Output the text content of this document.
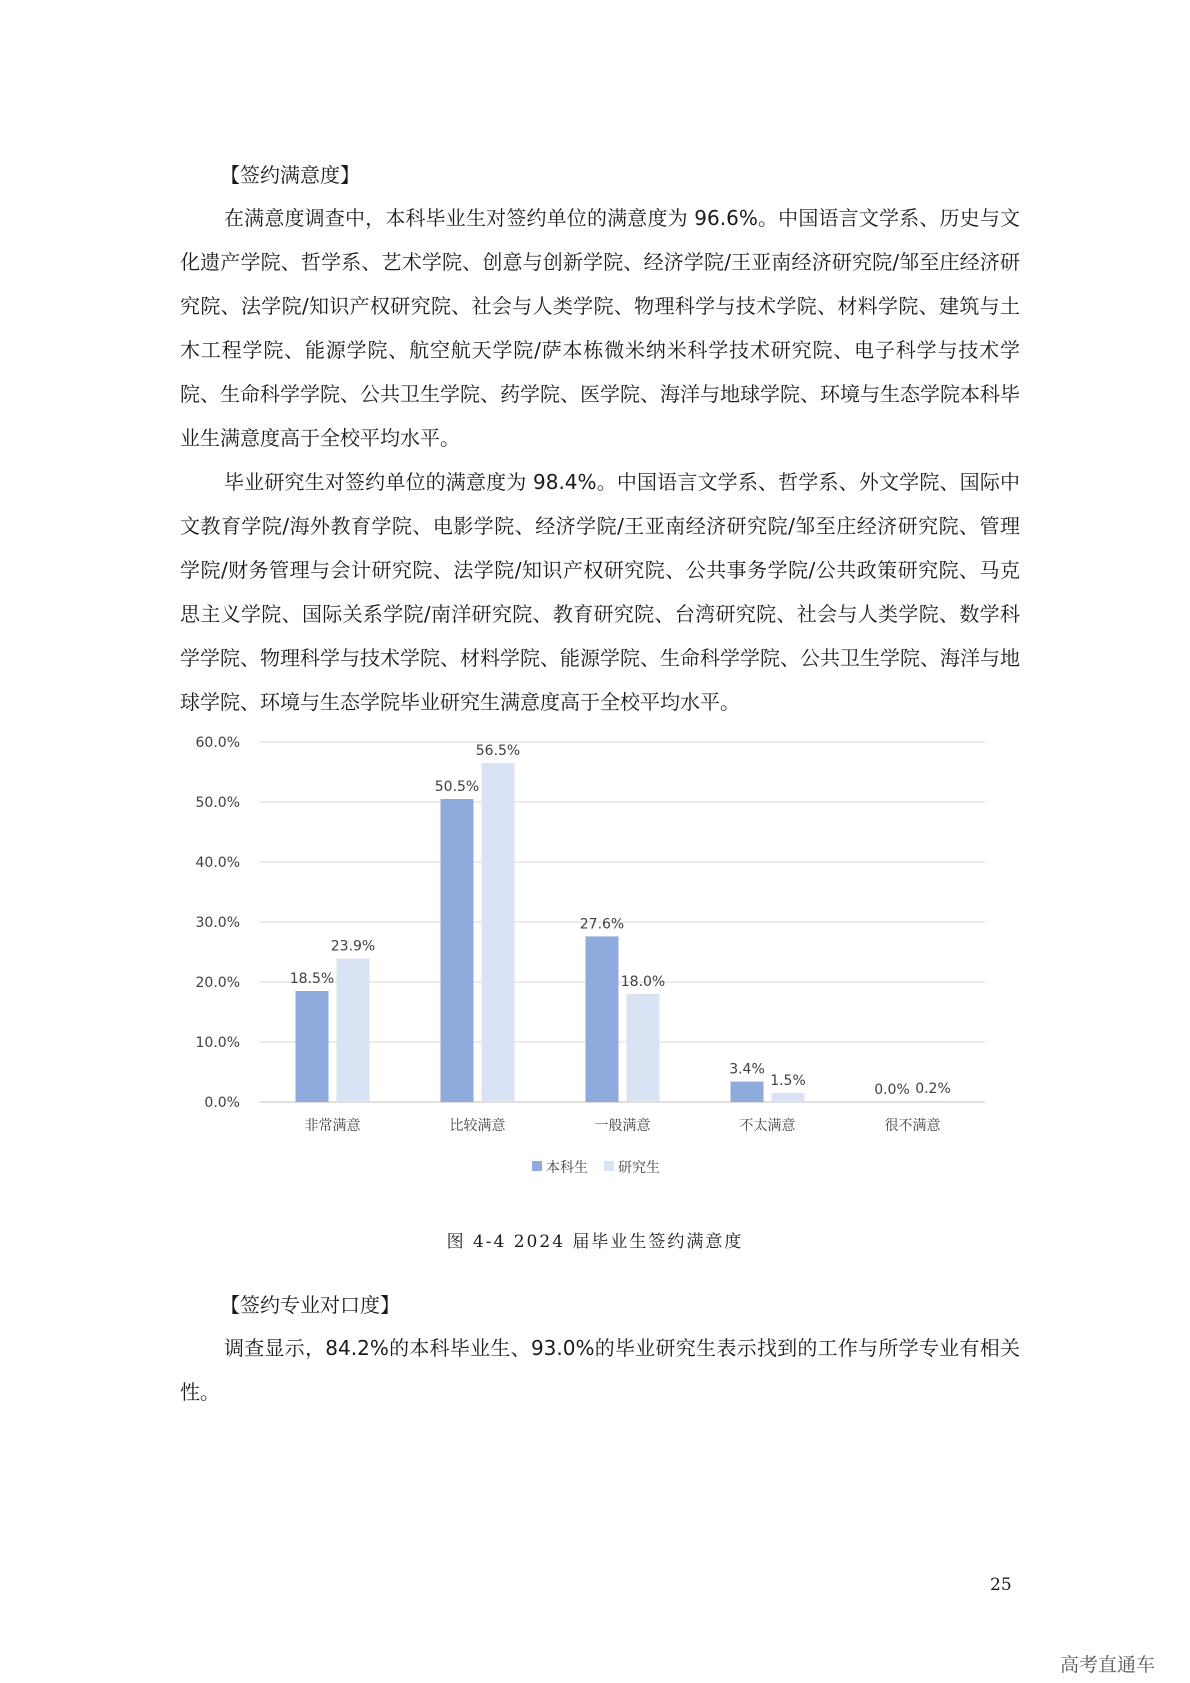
【签约满意度】

在满意度调查中，本科毕业生对签约单位的满意度为 96.6%。中国语言文学系、历史与文化遗产学院、哲学系、艺术学院、创意与创新学院、经济学院/王亚南经济研究院/邹至庄经济研究院、法学院/知识产权研究院、社会与人类学院、物理科学与技术学院、材料学院、建筑与土木工程学院、能源学院、航空航天学院/萨本栋微米纳米科学技术研究院、电子科学与技术学院、生命科学学院、公共卫生学院、药学院、医学院、海洋与地球学院、环境与生态学院本科毕业生满意度高于全校平均水平。

毕业研究生对签约单位的满意度为 98.4%。中国语言文学系、哲学系、外文学院、国际中文教育学院/海外教育学院、电影学院、经济学院/王亚南经济研究院/邹至庄经济研究院、管理学院/财务管理与会计研究院、法学院/知识产权研究院、公共事务学院/公共政策研究院、马克思主义学院、国际关系学院/南洋研究院、教育研究院、台湾研究院、社会与人类学院、数学科学学院、物理科学与技术学院、材料学院、能源学院、生命科学学院、公共卫生学院、海洋与地球学院、环境与生态学院毕业研究生满意度高于全校平均水平。

0.0%
10.0%
20.0%
30.0%
40.0%
50.0%
60.0%
18.5%
23.9%
非常满意
50.5%
56.5%
比较满意
27.6%
18.0%
一般满意
3.4%
1.5%
不太满意
0.0% 0.2%
很不满意
本科生 研究生

图 4-4 2024 届毕业生签约满意度

【签约专业对口度】

调查显示，84.2%的本科毕业生、93.0%的毕业研究生表示找到的工作与所学专业有相关性。

25
高考直通车
